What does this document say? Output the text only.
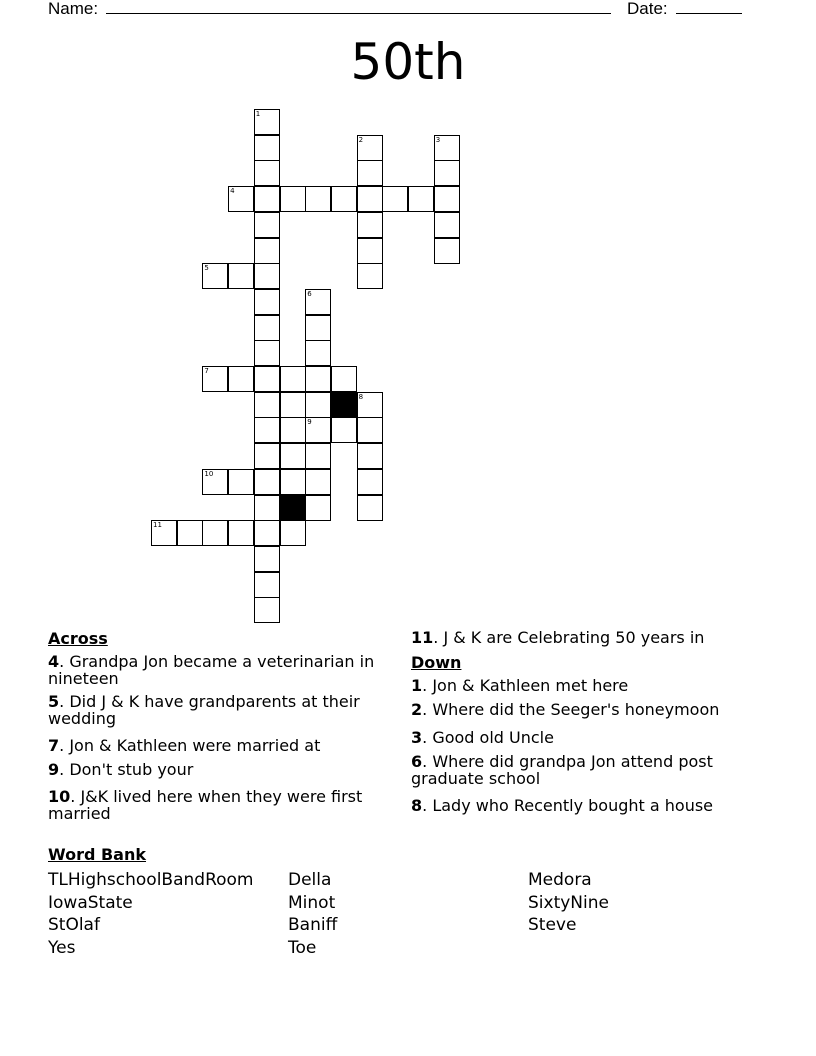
Name:	Date:
50th
1
2	3
4
5
6
9
7
8
10
11
Across
4. Grandpa Jon became a veterinarian in nineteen
5. Did J & K have grandparents at their wedding
7. Jon & Kathleen were married at
9. Don't stub your
10. J&K lived here when they were first married
11. J & K are Celebrating 50 years in
Down
1. Jon & Kathleen met here
2. Where did the Seeger's honeymoon
3. Good old Uncle
6. Where did grandpa Jon attend post graduate school
8. Lady who Recently bought a house
Word Bank
TLHighschoolBandRoom
IowaState
StOlaf
Yes
Della
Minot
Baniff
Toe
Medora
SixtyNine
Steve
